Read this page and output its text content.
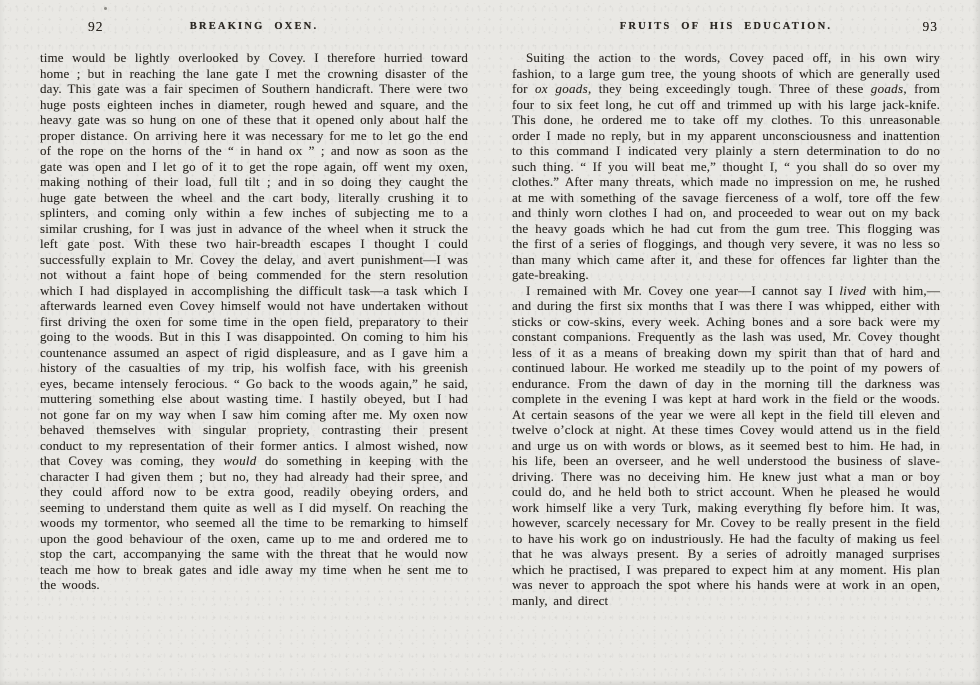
92	BREAKING OXEN.

time would be lightly overlooked by Covey. I therefore hurried toward home ; but in reaching the lane gate I met the crowning disaster of the day. This gate was a fair specimen of Southern handicraft. There were two huge posts eighteen inches in diameter, rough hewed and square, and the heavy gate was so hung on one of these that it opened only about half the proper distance. On arriving here it was necessary for me to let go the end of the rope on the horns of the “ in hand ox ” ; and now as soon as the gate was open and I let go of it to get the rope again, off went my oxen, making nothing of their load, full tilt ; and in so doing they caught the huge gate between the wheel and the cart body, literally crushing it to splinters, and coming only within a few inches of subjecting me to a similar crushing, for I was just in advance of the wheel when it struck the left gate post. With these two hair-breadth escapes I thought I could successfully explain to Mr. Covey the delay, and avert punishment—I was not without a faint hope of being commended for the stern resolution which I had displayed in accomplishing the difficult task—a task which I afterwards learned even Covey himself would not have undertaken without first driving the oxen for some time in the open field, preparatory to their going to the woods. But in this I was disappointed. On coming to him his countenance assumed an aspect of rigid displeasure, and as I gave him a history of the casualties of my trip, his wolfish face, with his greenish eyes, became intensely ferocious. “ Go back to the woods again,” he said, muttering something else about wasting time. I hastily obeyed, but I had not gone far on my way when I saw him coming after me. My oxen now behaved themselves with singular propriety, contrasting their present conduct to my representation of their former antics. I almost wished, now that Covey was coming, they would do something in keeping with the character I had given them ; but no, they had already had their spree, and they could afford now to be extra good, readily obeying orders, and seeming to understand them quite as well as I did myself. On reaching the woods my tormentor, who seemed all the time to be remarking to himself upon the good behaviour of the oxen, came up to me and ordered me to stop the cart, accompanying the same with the threat that he would now teach me how to break gates and idle away my time when he sent me to the woods.

FRUITS OF HIS EDUCATION.	93

Suiting the action to the words, Covey paced off, in his own wiry fashion, to a large gum tree, the young shoots of which are generally used for ox goads, they being exceedingly tough. Three of these goads, from four to six feet long, he cut off and trimmed up with his large jack-knife. This done, he ordered me to take off my clothes. To this unreasonable order I made no reply, but in my apparent unconsciousness and inattention to this command I indicated very plainly a stern determination to do no such thing. “ If you will beat me,” thought I, “ you shall do so over my clothes.” After many threats, which made no impression on me, he rushed at me with something of the savage fierceness of a wolf, tore off the few and thinly worn clothes I had on, and proceeded to wear out on my back the heavy goads which he had cut from the gum tree. This flogging was the first of a series of floggings, and though very severe, it was no less so than many which came after it, and these for offences far lighter than the gate-breaking.

I remained with Mr. Covey one year—I cannot say I lived with him,—and during the first six months that I was there I was whipped, either with sticks or cow-skins, every week. Aching bones and a sore back were my constant companions. Frequently as the lash was used, Mr. Covey thought less of it as a means of breaking down my spirit than that of hard and continued labour. He worked me steadily up to the point of my powers of endurance. From the dawn of day in the morning till the darkness was complete in the evening I was kept at hard work in the field or the woods. At certain seasons of the year we were all kept in the field till eleven and twelve o’clock at night. At these times Covey would attend us in the field and urge us on with words or blows, as it seemed best to him. He had, in his life, been an overseer, and he well understood the business of slave-driving. There was no deceiving him. He knew just what a man or boy could do, and he held both to strict account. When he pleased he would work himself like a very Turk, making everything fly before him. It was, however, scarcely necessary for Mr. Covey to be really present in the field to have his work go on industriously. He had the faculty of making us feel that he was always present. By a series of adroitly managed surprises which he practised, I was prepared to expect him at any moment. His plan was never to approach the spot where his hands were at work in an open, manly, and direct
